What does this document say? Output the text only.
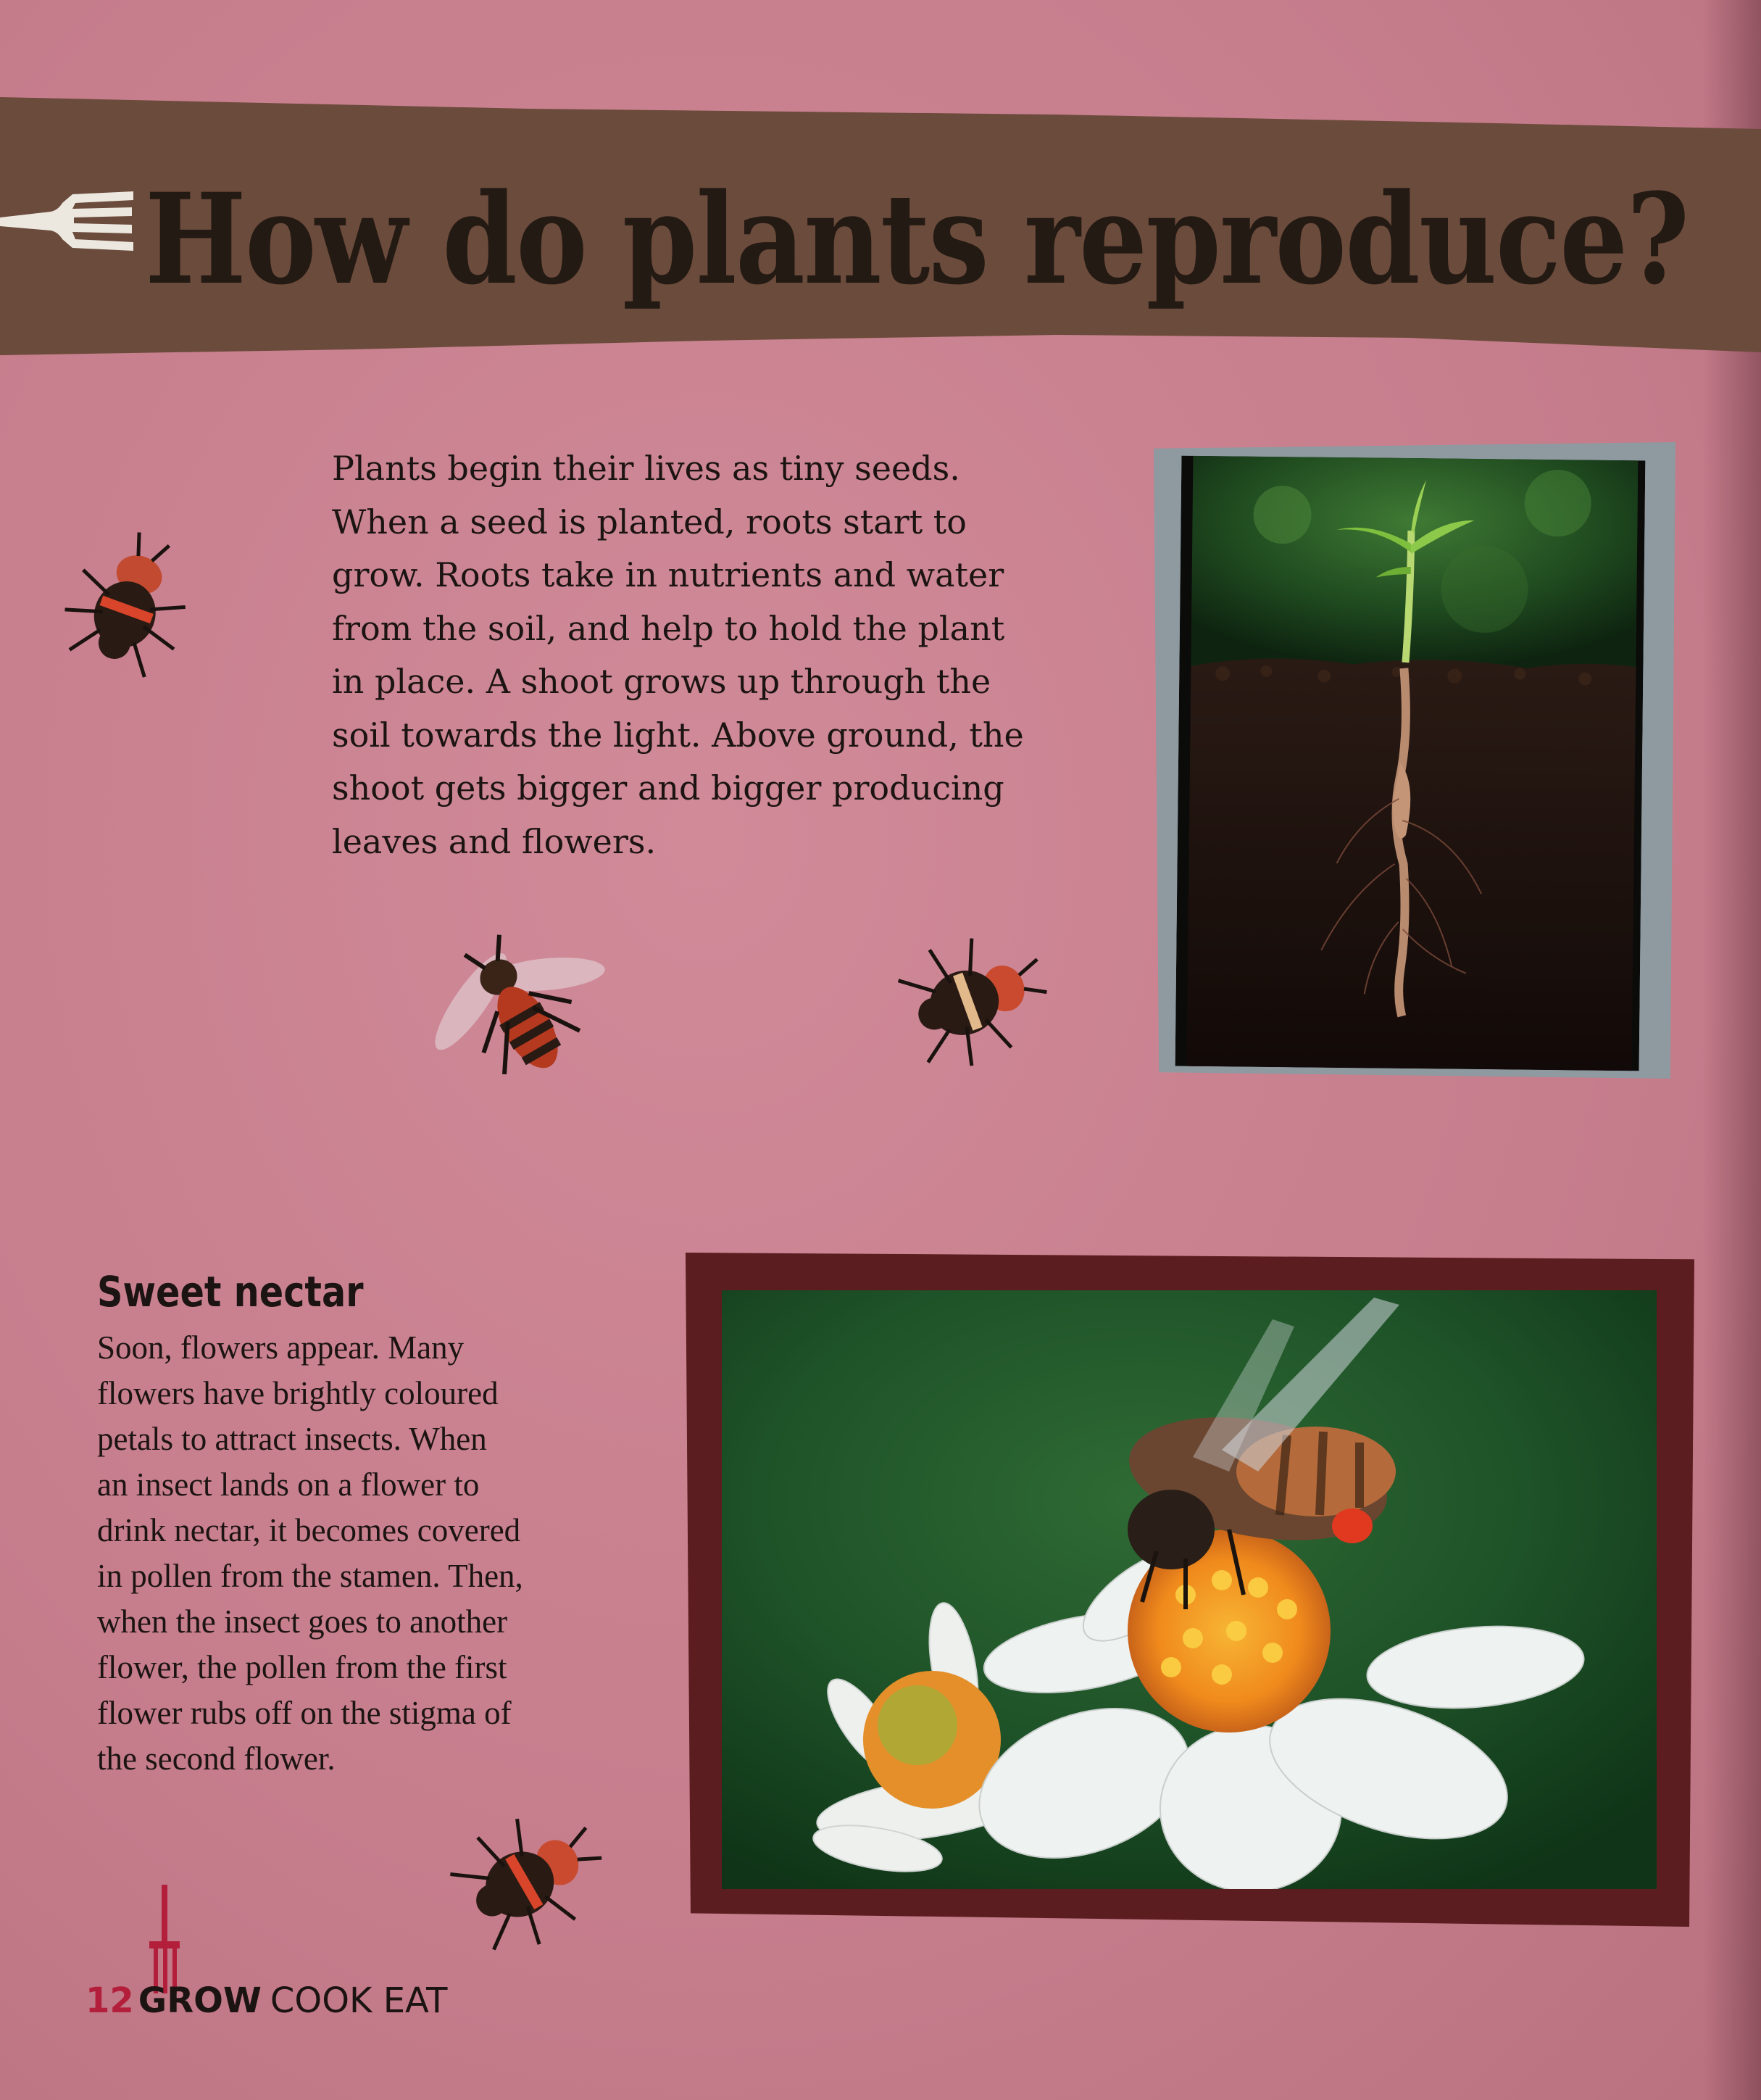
How do plants reproduce?
Plants begin their lives as tiny seeds.
When a seed is planted, roots start to
grow. Roots take in nutrients and water
from the soil, and help to hold the plant
in place. A shoot grows up through the
soil towards the light. Above ground, the
shoot gets bigger and bigger producing
leaves and flowers.
Sweet nectar
Soon, flowers appear. Many
flowers have brightly coloured
petals to attract insects. When
an insect lands on a flower to
drink nectar, it becomes covered
in pollen from the stamen. Then,
when the insect goes to another
flower, the pollen from the first
flower rubs off on the stigma of
the second flower.
12 GROW COOK EAT
